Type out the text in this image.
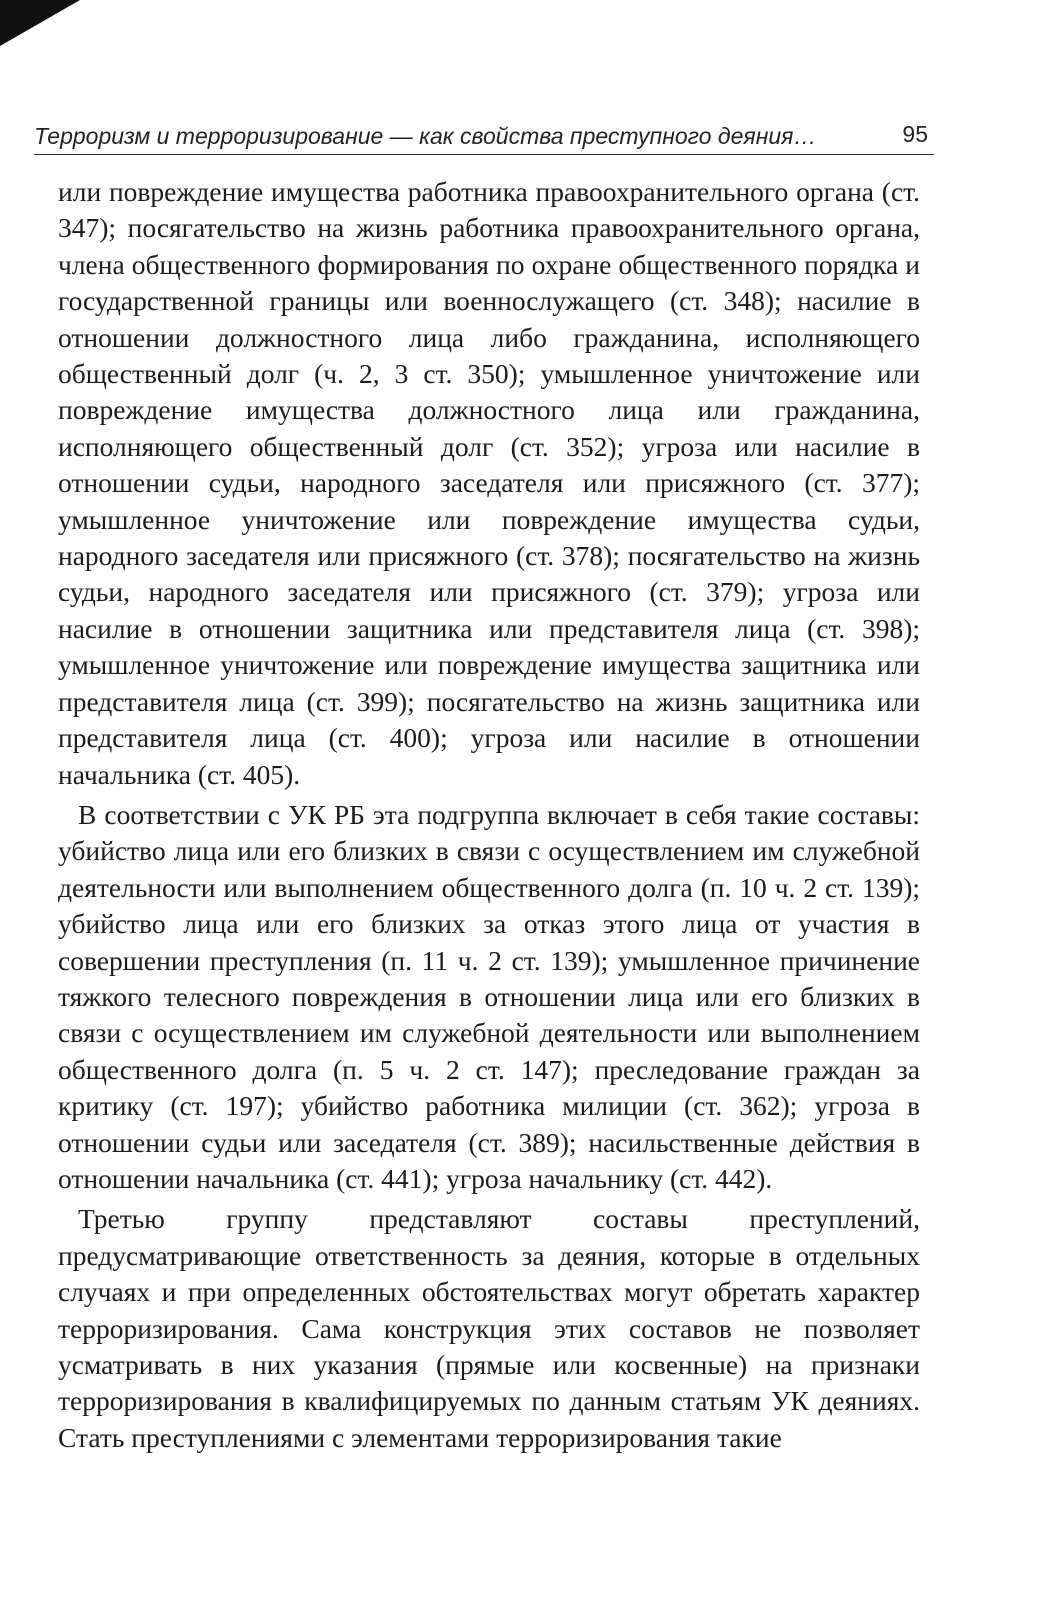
Терроризм и терроризирование — как свойства преступного деяния…	95

или повреждение имущества работника правоохранительного органа (ст. 347); посягательство на жизнь работника правоохранительного органа, члена общественного формирования по охране общественного порядка и государственной границы или военнослужащего (ст. 348); насилие в отношении должностного лица либо гражданина, исполняющего общественный долг (ч. 2, 3 ст. 350); умышленное уничтожение или повреждение имущества должностного лица или гражданина, исполняющего общественный долг (ст. 352); угроза или насилие в отношении судьи, народного заседателя или присяжного (ст. 377); умышленное уничтожение или повреждение имущества судьи, народного заседателя или присяжного (ст. 378); посягательство на жизнь судьи, народного заседателя или присяжного (ст. 379); угроза или насилие в отношении защитника или представителя лица (ст. 398); умышленное уничтожение или повреждение имущества защитника или представителя лица (ст. 399); посягательство на жизнь защитника или представителя лица (ст. 400); угроза или насилие в отношении начальника (ст. 405).

В соответствии с УК РБ эта подгруппа включает в себя такие составы: убийство лица или его близких в связи с осуществлением им служебной деятельности или выполнением общественного долга (п. 10 ч. 2 ст. 139); убийство лица или его близких за отказ этого лица от участия в совершении преступления (п. 11 ч. 2 ст. 139); умышленное причинение тяжкого телесного повреждения в отношении лица или его близких в связи с осуществлением им служебной деятельности или выполнением общественного долга (п. 5 ч. 2 ст. 147); преследование граждан за критику (ст. 197); убийство работника милиции (ст. 362); угроза в отношении судьи или заседателя (ст. 389); насильственные действия в отношении начальника (ст. 441); угроза начальнику (ст. 442).

Третью группу представляют составы преступлений, предусматривающие ответственность за деяния, которые в отдельных случаях и при определенных обстоятельствах могут обретать характер терроризирования. Сама конструкция этих составов не позволяет усматривать в них указания (прямые или косвенные) на признаки терроризирования в квалифицируемых по данным статьям УК деяниях. Стать преступлениями с элементами терроризирования такие
